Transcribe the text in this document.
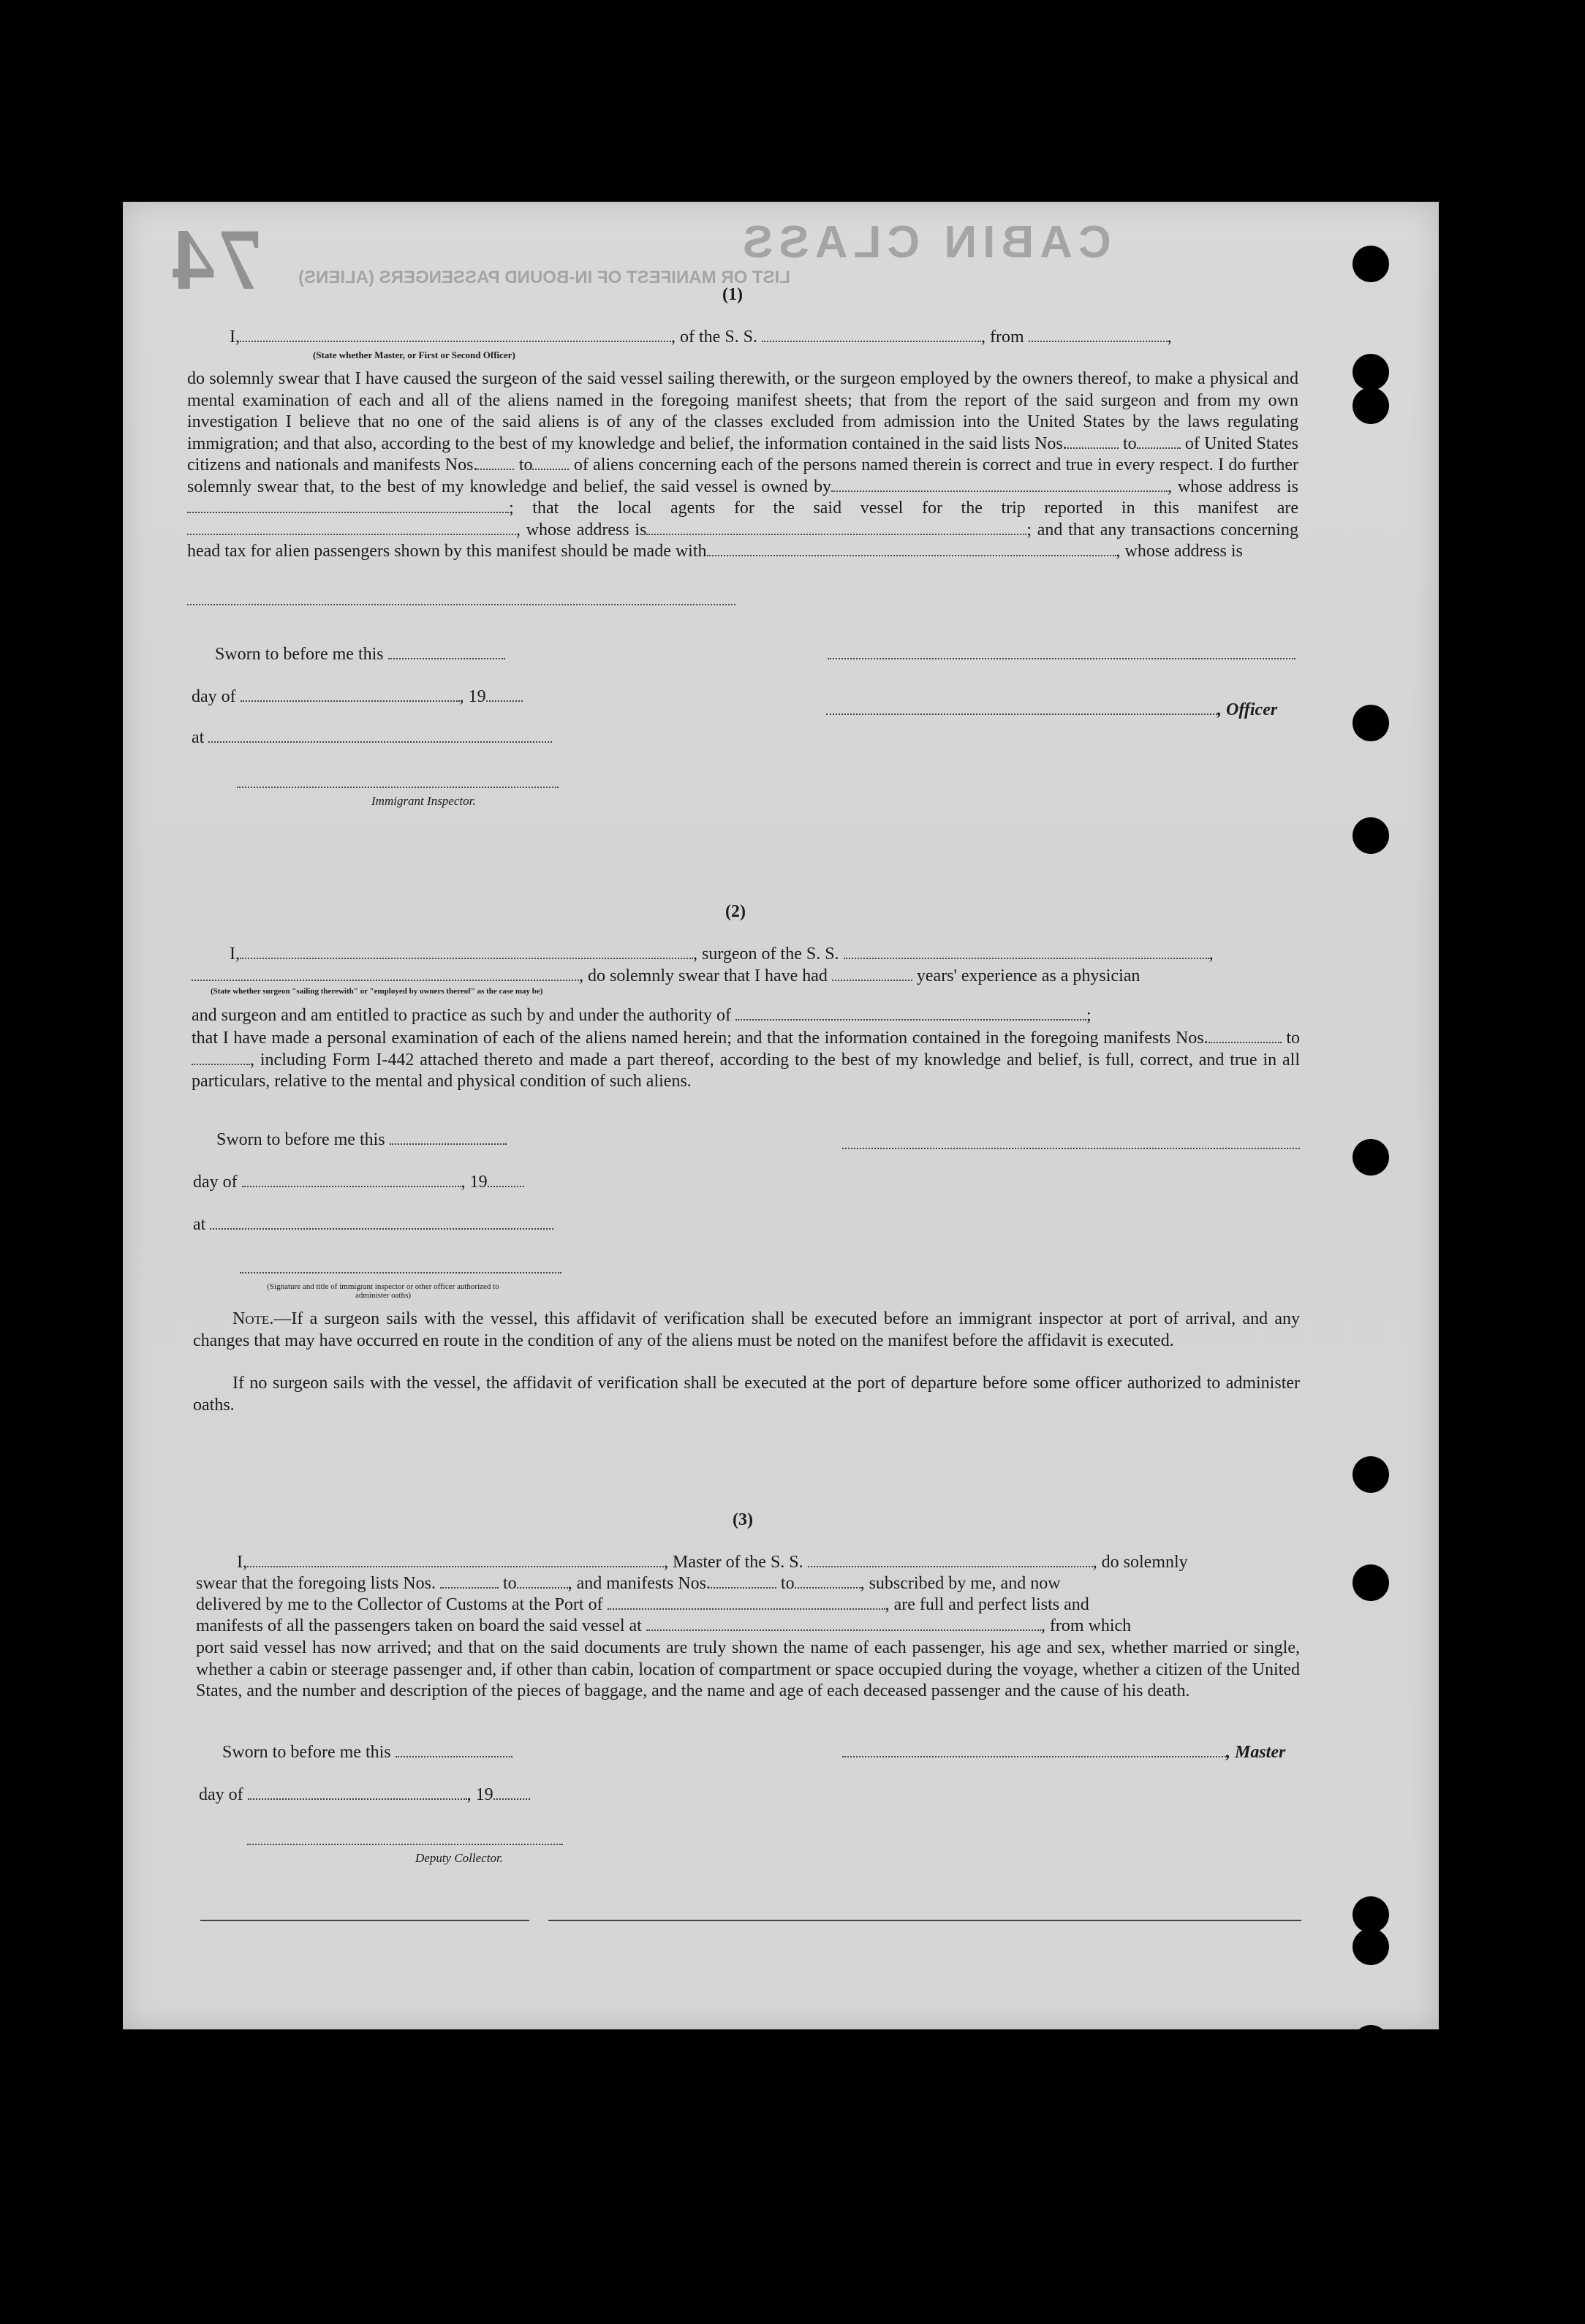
74	CABIN CLASS
LIST OR MANIFEST OF IN-BOUND PASSENGERS (ALIENS)
(1)
I,	, of the S. S.	, from	,
(State whether Master, or First or Second Officer)
do solemnly swear that I have caused the surgeon of the said vessel sailing therewith, or the surgeon employed by the owners thereof, to make a physical and mental examination of each and all of the aliens named in the foregoing manifest sheets; that from the report of the said surgeon and from my own investigation I believe that no one of the said aliens is of any of the classes excluded from admission into the United States by the laws regulating immigration; and that also, according to the best of my knowledge and belief, the information contained in the said lists Nos.	to	of United States citizens and nationals and manifests Nos. to of aliens concerning each of the persons named therein is correct and true in every respect. I do further solemnly swear that, to the best of my knowledge and belief, the said vessel is owned by	, whose address is; that the local agents for the said vessel for the trip reported in this manifest are, whose address is	; and that any transactions concerning head tax for alien passengers shown by this manifest should be made with	, whose address is
Sworn to before me this
day of	, 19
at
Immigrant Inspector.
, Officer
(2)
I,	, surgeon of the S. S.	,
, do solemnly swear that I have had	years' experience as a physician
(State whether surgeon "sailing therewith" or "employed by owners thereof" as the case may be)
and surgeon and am entitled to practice as such by and under the authority of	;
that I have made a personal examination of each of the aliens named herein; and that the information contained in the foregoing manifests Nos.	to, including Form I-442 attached thereto and made a part thereof, according to the best of my knowledge and belief, is full, correct, and true in all particulars, relative to the mental and physical condition of such aliens.
Sworn to before me this
day of	, 19
at
(Signature and title of immigrant inspector or other officer authorized to administer oaths)
Note.—If a surgeon sails with the vessel, this affidavit of verification shall be executed before an immigrant inspector at port of arrival, and any changes that may have occurred en route in the condition of any of the aliens must be noted on the manifest before the affidavit is executed.
If no surgeon sails with the vessel, the affidavit of verification shall be executed at the port of departure before some officer authorized to administer oaths.
(3)
I,	, Master of the S. S.	, do solemnly
swear that the foregoing lists Nos.	to	, and manifests Nos.	to	, subscribed by me, and now
delivered by me to the Collector of Customs at the Port of	, are full and perfect lists and
manifests of all the passengers taken on board the said vessel at	, from which
port said vessel has now arrived; and that on the said documents are truly shown the name of each passenger, his age and sex, whether married or single, whether a cabin or steerage passenger and, if other than cabin, location of compartment or space occupied during the voyage, whether a citizen of the United States, and the number and description of the pieces of baggage, and the name and age of each deceased passenger and the cause of his death.
Sworn to before me this	, Master
day of	, 19
Deputy Collector.
